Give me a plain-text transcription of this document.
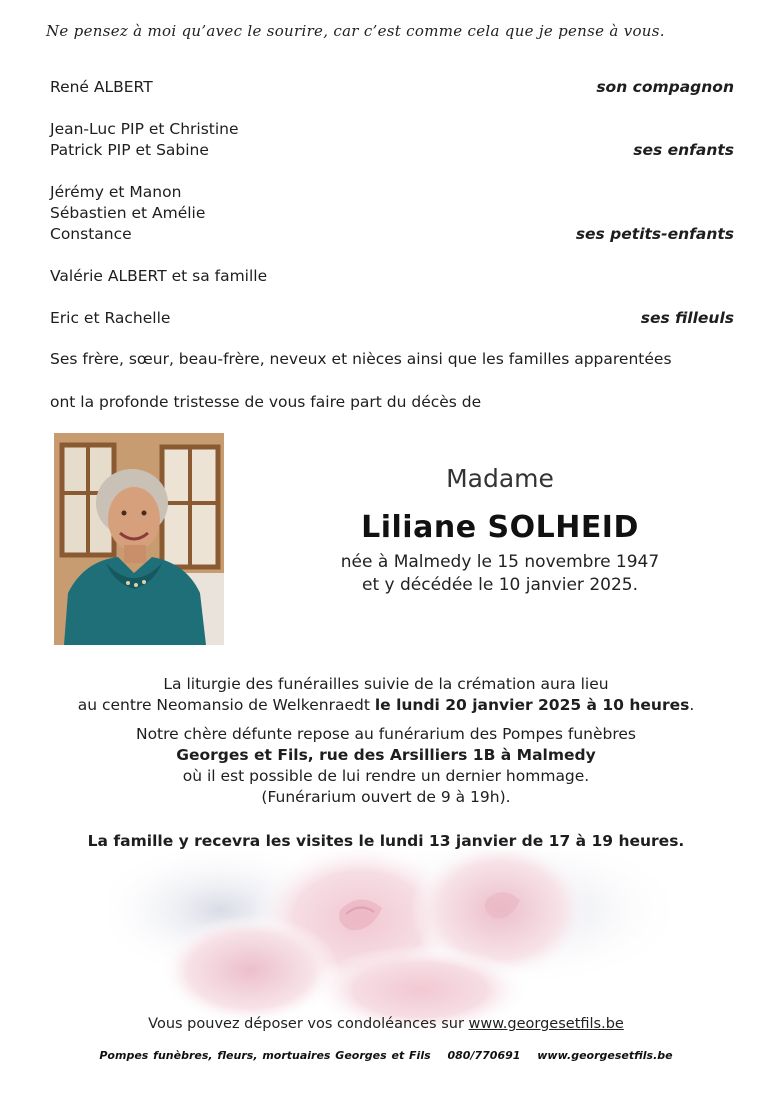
Ne pensez à moi qu’avec le sourire, car c’est comme cela que je pense à vous.
René ALBERT	son compagnon
Jean-Luc PIP et Christine
Patrick PIP et Sabine	ses enfants
Jérémy et Manon
Sébastien et Amélie
Constance	ses petits-enfants
Valérie ALBERT et sa famille
Eric et Rachelle	ses filleuls
Ses frère, sœur, beau-frère, neveux et nièces ainsi que les familles apparentées
ont la profonde tristesse de vous faire part du décès de
Madame
Liliane SOLHEID
née à Malmedy le 15 novembre 1947
et y décédée le 10 janvier 2025.
La liturgie des funérailles suivie de la crémation aura lieu
au centre Neomansio de Welkenraedt le lundi 20 janvier 2025 à 10 heures.
Notre chère défunte repose au funérarium des Pompes funèbres
Georges et Fils, rue des Arsilliers 1B à Malmedy
où il est possible de lui rendre un dernier hommage.
(Funérarium ouvert de 9 à 19h).
La famille y recevra les visites le lundi 13 janvier de 17 à 19 heures.
Vous pouvez déposer vos condoléances sur www.georgesetfils.be
Pompes funèbres, fleurs, mortuaires Georges et Fils 080/770691 www.georgesetfils.be
